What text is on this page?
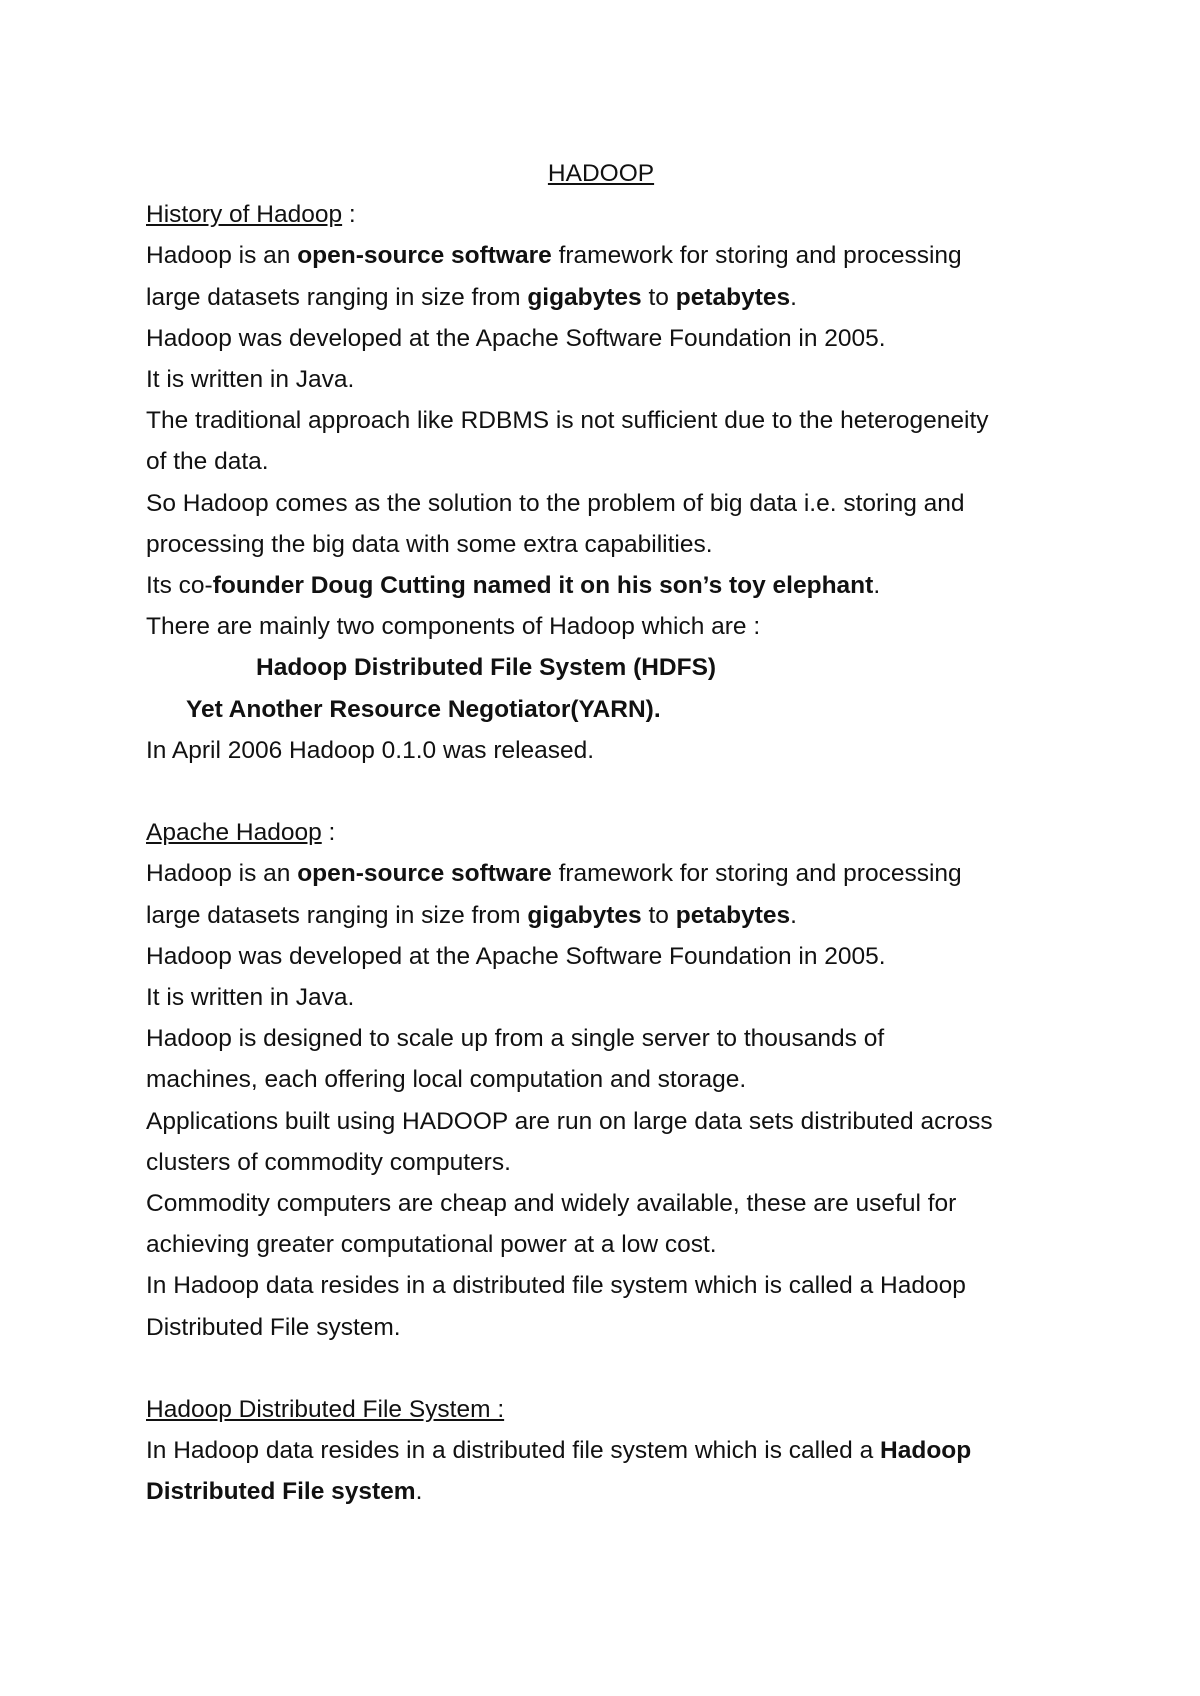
HADOOP
History of Hadoop :
Hadoop is an open-source software framework for storing and processing
large datasets ranging in size from gigabytes to petabytes.
Hadoop was developed at the Apache Software Foundation in 2005.
It is written in Java.
The traditional approach like RDBMS is not sufficient due to the heterogeneity
of the data.
So Hadoop comes as the solution to the problem of big data i.e. storing and
processing the big data with some extra capabilities.
Its co-founder Doug Cutting named it on his son’s toy elephant.
There are mainly two components of Hadoop which are :
Hadoop Distributed File System (HDFS)
Yet Another Resource Negotiator(YARN).
In April 2006 Hadoop 0.1.0 was released.
Apache Hadoop :
Hadoop is an open-source software framework for storing and processing
large datasets ranging in size from gigabytes to petabytes.
Hadoop was developed at the Apache Software Foundation in 2005.
It is written in Java.
Hadoop is designed to scale up from a single server to thousands of
machines, each offering local computation and storage.
Applications built using HADOOP are run on large data sets distributed across
clusters of commodity computers.
Commodity computers are cheap and widely available, these are useful for
achieving greater computational power at a low cost.
In Hadoop data resides in a distributed file system which is called a Hadoop
Distributed File system.
Hadoop Distributed File System :
In Hadoop data resides in a distributed file system which is called a Hadoop
Distributed File system.
